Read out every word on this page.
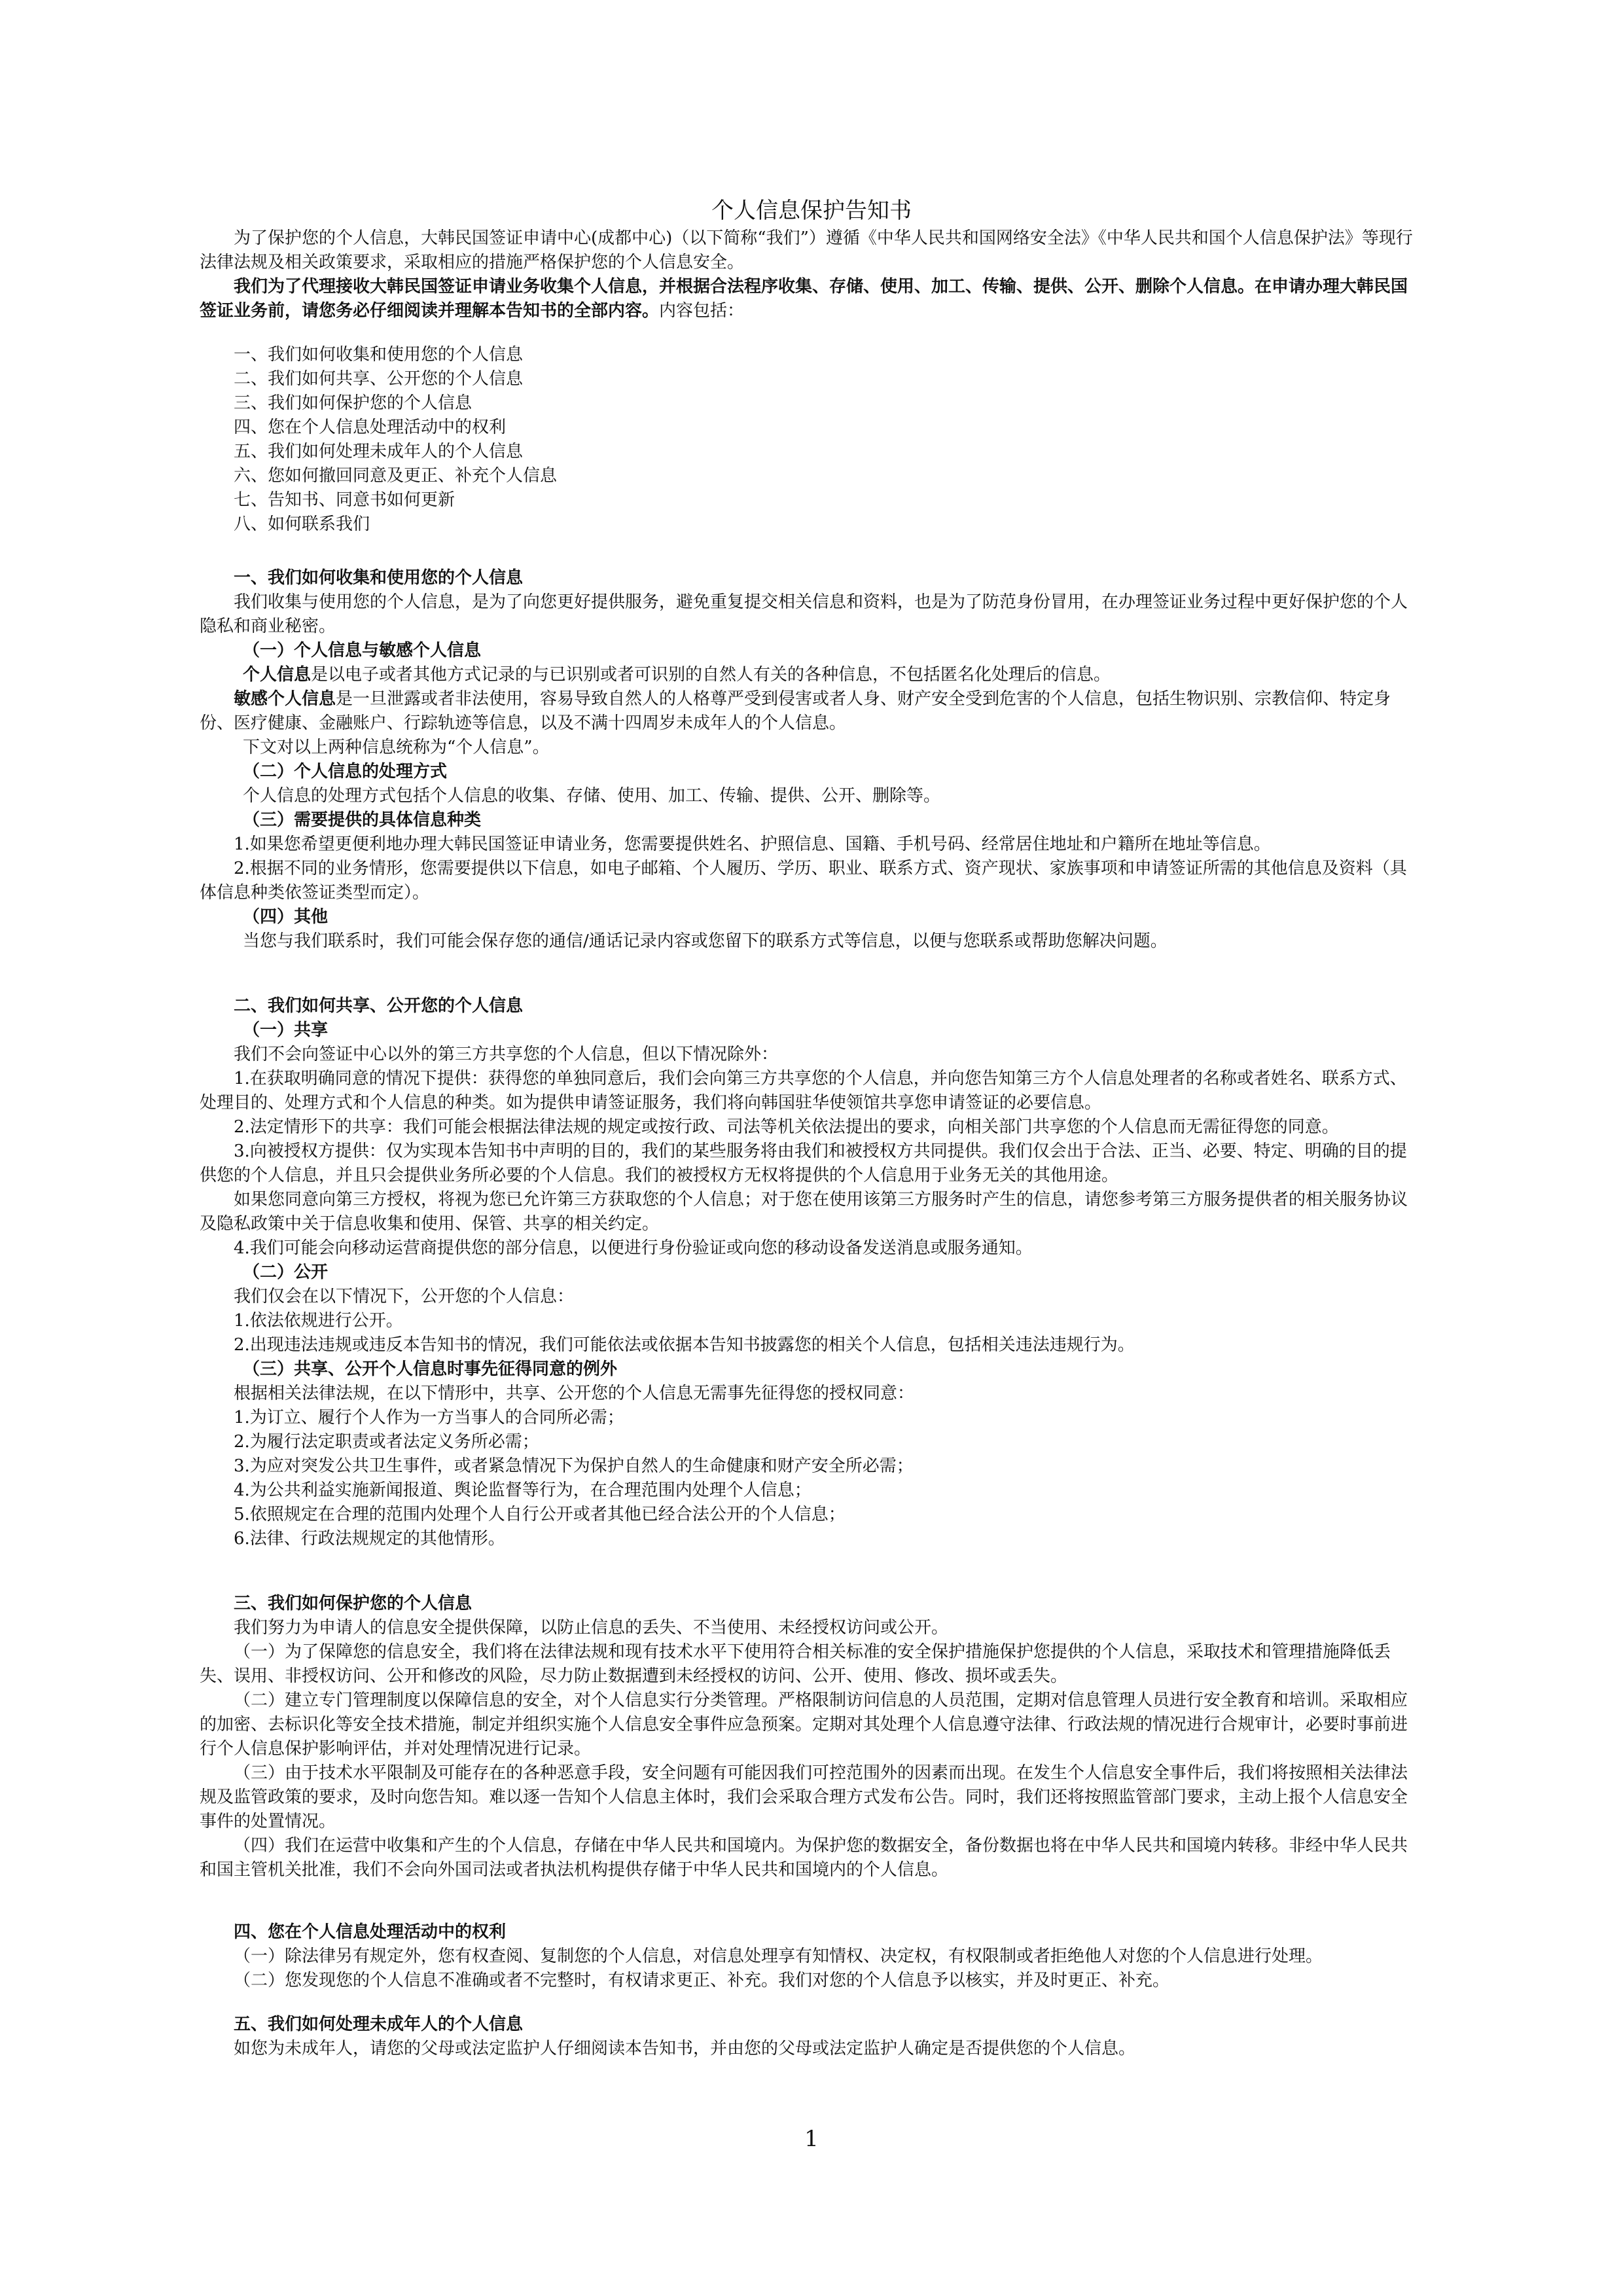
个人信息保护告知书

为了保护您的个人信息，大韩民国签证申请中心(成都中心)（以下简称“我们”）遵循《中华人民共和国网络安全法》《中华人民共和国个人信息保护法》等现行法律法规及相关政策要求，采取相应的措施严格保护您的个人信息安全。

我们为了代理接收大韩民国签证申请业务收集个人信息，并根据合法程序收集、存储、使用、加工、传输、提供、公开、删除个人信息。在申请办理大韩民国签证业务前，请您务必仔细阅读并理解本告知书的全部内容。内容包括：

一、我们如何收集和使用您的个人信息

二、我们如何共享、公开您的个人信息

三、我们如何保护您的个人信息

四、您在个人信息处理活动中的权利

五、我们如何处理未成年人的个人信息

六、您如何撤回同意及更正、补充个人信息

七、告知书、同意书如何更新

八、如何联系我们

一、我们如何收集和使用您的个人信息

我们收集与使用您的个人信息，是为了向您更好提供服务，避免重复提交相关信息和资料，也是为了防范身份冒用，在办理签证业务过程中更好保护您的个人隐私和商业秘密。

（一）个人信息与敏感个人信息

个人信息是以电子或者其他方式记录的与已识别或者可识别的自然人有关的各种信息，不包括匿名化处理后的信息。

敏感个人信息是一旦泄露或者非法使用，容易导致自然人的人格尊严受到侵害或者人身、财产安全受到危害的个人信息，包括生物识别、宗教信仰、特定身份、医疗健康、金融账户、行踪轨迹等信息，以及不满十四周岁未成年人的个人信息。

下文对以上两种信息统称为“个人信息”。

（二）个人信息的处理方式

个人信息的处理方式包括个人信息的收集、存储、使用、加工、传输、提供、公开、删除等。

（三）需要提供的具体信息种类

1.如果您希望更便利地办理大韩民国签证申请业务，您需要提供姓名、护照信息、国籍、手机号码、经常居住地址和户籍所在地址等信息。

2.根据不同的业务情形，您需要提供以下信息，如电子邮箱、个人履历、学历、职业、联系方式、资产现状、家族事项和申请签证所需的其他信息及资料（具体信息种类依签证类型而定）。

（四）其他

当您与我们联系时，我们可能会保存您的通信/通话记录内容或您留下的联系方式等信息，以便与您联系或帮助您解决问题。

二、我们如何共享、公开您的个人信息

（一）共享

我们不会向签证中心以外的第三方共享您的个人信息，但以下情况除外：

1.在获取明确同意的情况下提供：获得您的单独同意后，我们会向第三方共享您的个人信息，并向您告知第三方个人信息处理者的名称或者姓名、联系方式、处理目的、处理方式和个人信息的种类。如为提供申请签证服务，我们将向韩国驻华使领馆共享您申请签证的必要信息。

2.法定情形下的共享：我们可能会根据法律法规的规定或按行政、司法等机关依法提出的要求，向相关部门共享您的个人信息而无需征得您的同意。

3.向被授权方提供：仅为实现本告知书中声明的目的，我们的某些服务将由我们和被授权方共同提供。我们仅会出于合法、正当、必要、特定、明确的目的提供您的个人信息，并且只会提供业务所必要的个人信息。我们的被授权方无权将提供的个人信息用于业务无关的其他用途。

如果您同意向第三方授权，将视为您已允许第三方获取您的个人信息；对于您在使用该第三方服务时产生的信息，请您参考第三方服务提供者的相关服务协议及隐私政策中关于信息收集和使用、保管、共享的相关约定。

4.我们可能会向移动运营商提供您的部分信息，以便进行身份验证或向您的移动设备发送消息或服务通知。

（二）公开

我们仅会在以下情况下，公开您的个人信息：

1.依法依规进行公开。

2.出现违法违规或违反本告知书的情况，我们可能依法或依据本告知书披露您的相关个人信息，包括相关违法违规行为。

（三）共享、公开个人信息时事先征得同意的例外

根据相关法律法规，在以下情形中，共享、公开您的个人信息无需事先征得您的授权同意：

1.为订立、履行个人作为一方当事人的合同所必需；

2.为履行法定职责或者法定义务所必需；

3.为应对突发公共卫生事件，或者紧急情况下为保护自然人的生命健康和财产安全所必需；

4.为公共利益实施新闻报道、舆论监督等行为，在合理范围内处理个人信息；

5.依照规定在合理的范围内处理个人自行公开或者其他已经合法公开的个人信息；

6.法律、行政法规规定的其他情形。

三、我们如何保护您的个人信息

我们努力为申请人的信息安全提供保障，以防止信息的丢失、不当使用、未经授权访问或公开。

（一）为了保障您的信息安全，我们将在法律法规和现有技术水平下使用符合相关标准的安全保护措施保护您提供的个人信息，采取技术和管理措施降低丢失、误用、非授权访问、公开和修改的风险，尽力防止数据遭到未经授权的访问、公开、使用、修改、损坏或丢失。

（二）建立专门管理制度以保障信息的安全，对个人信息实行分类管理。严格限制访问信息的人员范围，定期对信息管理人员进行安全教育和培训。采取相应的加密、去标识化等安全技术措施，制定并组织实施个人信息安全事件应急预案。定期对其处理个人信息遵守法律、行政法规的情况进行合规审计，必要时事前进行个人信息保护影响评估，并对处理情况进行记录。

（三）由于技术水平限制及可能存在的各种恶意手段，安全问题有可能因我们可控范围外的因素而出现。在发生个人信息安全事件后，我们将按照相关法律法规及监管政策的要求，及时向您告知。难以逐一告知个人信息主体时，我们会采取合理方式发布公告。同时，我们还将按照监管部门要求，主动上报个人信息安全事件的处置情况。

（四）我们在运营中收集和产生的个人信息，存储在中华人民共和国境内。为保护您的数据安全，备份数据也将在中华人民共和国境内转移。非经中华人民共和国主管机关批准，我们不会向外国司法或者执法机构提供存储于中华人民共和国境内的个人信息。

四、您在个人信息处理活动中的权利

（一）除法律另有规定外，您有权查阅、复制您的个人信息，对信息处理享有知情权、决定权，有权限制或者拒绝他人对您的个人信息进行处理。

（二）您发现您的个人信息不准确或者不完整时，有权请求更正、补充。我们对您的个人信息予以核实，并及时更正、补充。

五、我们如何处理未成年人的个人信息

如您为未成年人，请您的父母或法定监护人仔细阅读本告知书，并由您的父母或法定监护人确定是否提供您的个人信息。

1
